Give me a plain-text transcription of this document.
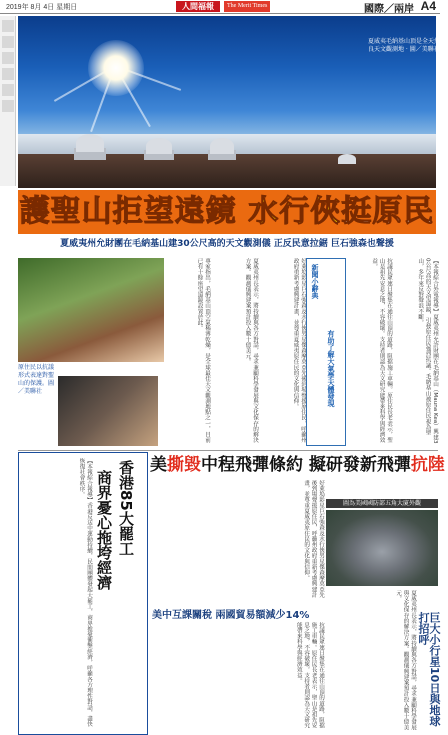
2019年 8月 4日 星期日	人間福報	The Merit Times	國際／兩岸 A4
夏威夷毛納基山頂是全天然優良天文觀測地 · 圖／美聯社
護聖山拒望遠鏡 水行俠挺原民
夏威夷州允財團在毛納基山建30公尺高的天文觀測儀 正反民意拉鋸 巨石強森也聲援
原住民以抗議形式表達對聖山的保護。圖／美聯社	專家指出，毛納基山頂空氣稀薄乾燥，是全球最佳天文觀測地點之一，目前已有十餘座望遠鏡設置於此。	夏威夷州長表示，將持續與各方對話，尋求兼顧科學發展與文化保存的解決方案。觀測儀興建案預計投入數十億美元。	好萊塢影星巨石強森及水行俠男星傑森摩莫亞先後到場聲援原住民，呼籲州政府重新考慮興建計畫，並尊重夏威夷原住民的文化與信仰。	新聞小辭典
有助了解大氣學天體發現	抗議民眾連日聚集在通往山頂的道路，阻擋施工車輛。原住民長老表示，聖山是祖先安息之地，不容破壞。支持者則認為天文研究能帶來科學與經濟效益。	【本報綜合外電報導】夏威夷州允許財團在毛納基山（Mauna Kea）興建30公尺高的天文望遠鏡，引發原住民強烈抗議。毛納基山被原住民視為聖山，多年來反對聲浪不斷。
香港85大罷工
商界憂心拖垮經濟
【本報綜合報導】香港反送中運動持續，民間團體發起大罷工，商界擔憂衝擊經濟，呼籲各方理性對話，盡快恢復社會秩序。	美撕毀中程飛彈條約 擬研發新飛彈抗陸
好萊塢影星巨石強森及水行俠男星傑森摩莫亞先後到場聲援原住民，呼籲州政府重新考慮興建計畫，並尊重夏威夷原住民的文化與信仰。	圖為美國國防部五角大廈外觀
夏威夷州長表示，將持續與各方對話，尋求兼顧科學發展與文化保存的解決方案。觀測儀興建案預計投入數十億美元。
美中互課關稅 兩國貿易額減少14%
抗議民眾連日聚集在通往山頂的道路，阻擋施工車輛。原住民長老表示，聖山是祖先安息之地，不容破壞。支持者則認為天文研究能帶來科學與經濟效益。	巨大小行星10日與地球打招呼
